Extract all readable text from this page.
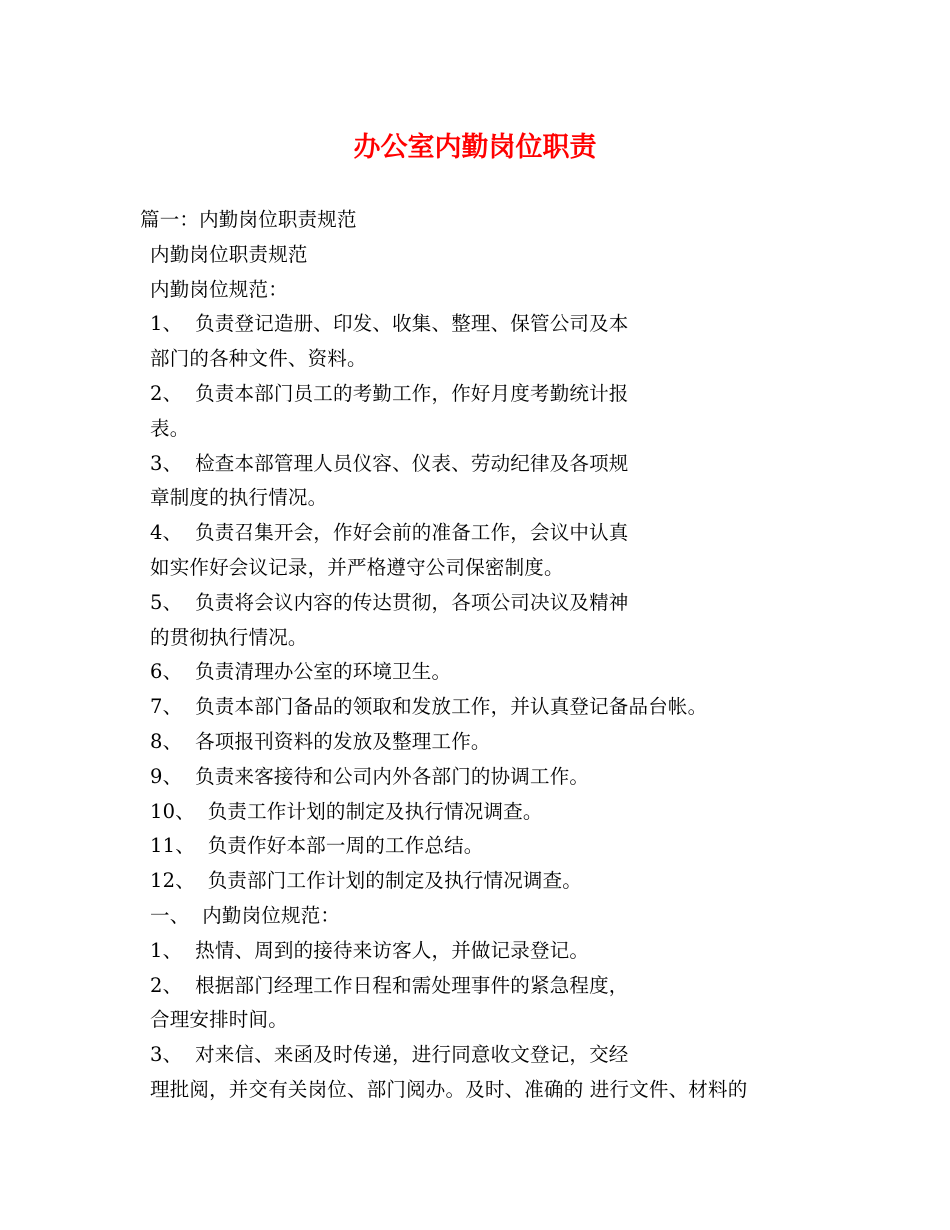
办公室内勤岗位职责

篇一：内勤岗位职责规范

内勤岗位职责规范

内勤岗位规范：

1、  负责登记造册、印发、收集、整理、保管公司及本

部门的各种文件、资料。

2、  负责本部门员工的考勤工作，作好月度考勤统计报

表。

3、  检查本部管理人员仪容、仪表、劳动纪律及各项规

章制度的执行情况。

4、  负责召集开会，作好会前的准备工作，会议中认真

如实作好会议记录，并严格遵守公司保密制度。

5、  负责将会议内容的传达贯彻，各项公司决议及精神

的贯彻执行情况。

6、  负责清理办公室的环境卫生。

7、  负责本部门备品的领取和发放工作，并认真登记备品台帐。

8、  各项报刊资料的发放及整理工作。

9、  负责来客接待和公司内外各部门的协调工作。

10、  负责工作计划的制定及执行情况调查。

11、  负责作好本部一周的工作总结。

12、  负责部门工作计划的制定及执行情况调查。

一、  内勤岗位规范：

1、  热情、周到的接待来访客人，并做记录登记。

2、  根据部门经理工作日程和需处理事件的紧急程度，

合理安排时间。

3、  对来信、来函及时传递，进行同意收文登记，交经

理批阅，并交有关岗位、部门阅办。及时、准确的 进行文件、材料的
